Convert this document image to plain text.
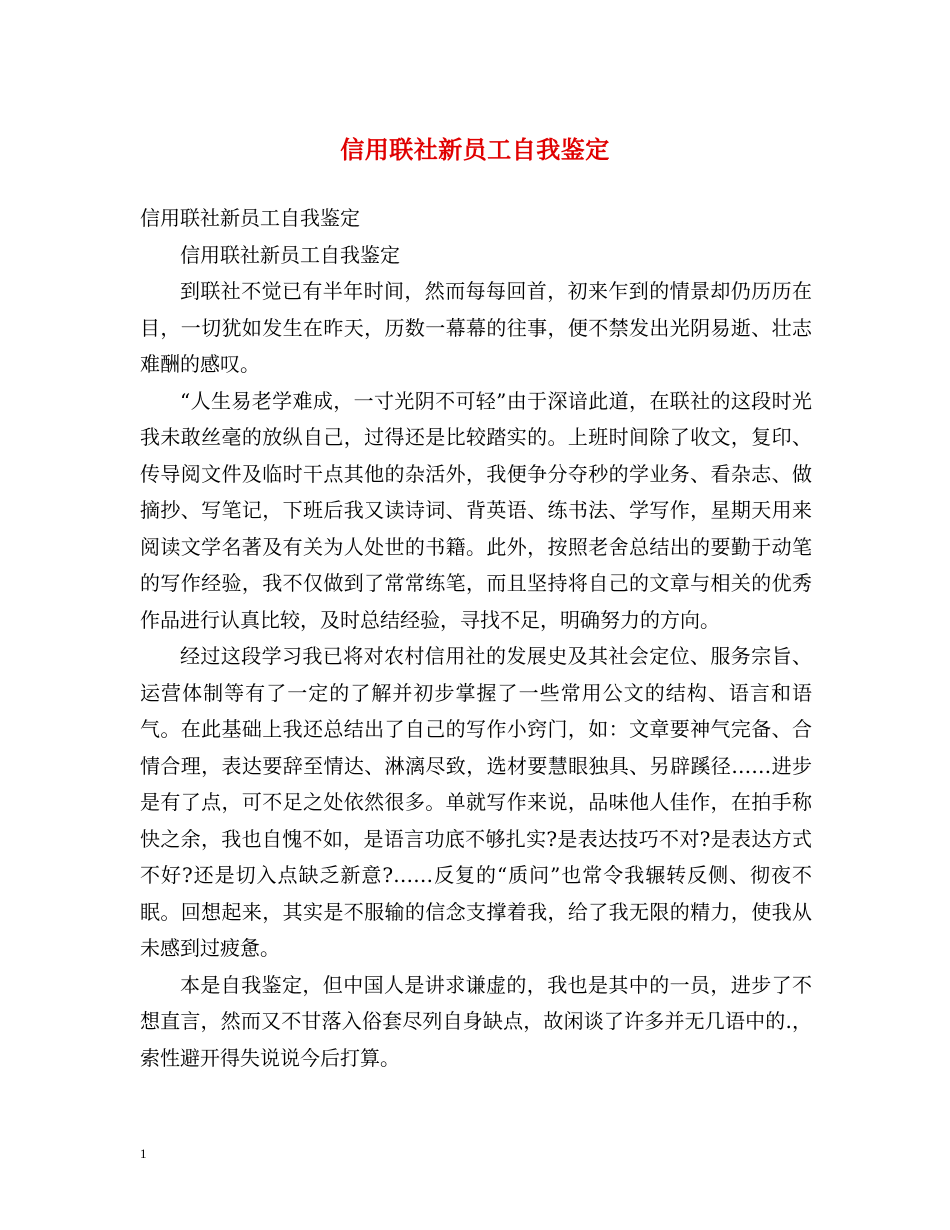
信用联社新员工自我鉴定

信用联社新员工自我鉴定

信用联社新员工自我鉴定

到联社不觉已有半年时间，然而每每回首，初来乍到的情景却仍历历在目，一切犹如发生在昨天，历数一幕幕的往事，便不禁发出光阴易逝、壮志难酬的感叹。

“人生易老学难成，一寸光阴不可轻”由于深谙此道，在联社的这段时光我未敢丝毫的放纵自己，过得还是比较踏实的。上班时间除了收文，复印、传导阅文件及临时干点其他的杂活外，我便争分夺秒的学业务、看杂志、做摘抄、写笔记，下班后我又读诗词、背英语、练书法、学写作，星期天用来阅读文学名著及有关为人处世的书籍。此外，按照老舍总结出的要勤于动笔的写作经验，我不仅做到了常常练笔，而且坚持将自己的文章与相关的优秀作品进行认真比较，及时总结经验，寻找不足，明确努力的方向。

经过这段学习我已将对农村信用社的发展史及其社会定位、服务宗旨、运营体制等有了一定的了解并初步掌握了一些常用公文的结构、语言和语气。在此基础上我还总结出了自己的写作小窍门，如：文章要神气完备、合情合理，表达要辞至情达、淋漓尽致，选材要慧眼独具、另辟蹊径……进步是有了点，可不足之处依然很多。单就写作来说，品味他人佳作，在拍手称快之余，我也自愧不如，是语言功底不够扎实?是表达技巧不对?是表达方式不好?还是切入点缺乏新意?……反复的“质问”也常令我辗转反侧、彻夜不眠。回想起来，其实是不服输的信念支撑着我，给了我无限的精力，使我从未感到过疲惫。

本是自我鉴定，但中国人是讲求谦虚的，我也是其中的一员，进步了不想直言，然而又不甘落入俗套尽列自身缺点，故闲谈了许多并无几语中的.，索性避开得失说说今后打算。

1
